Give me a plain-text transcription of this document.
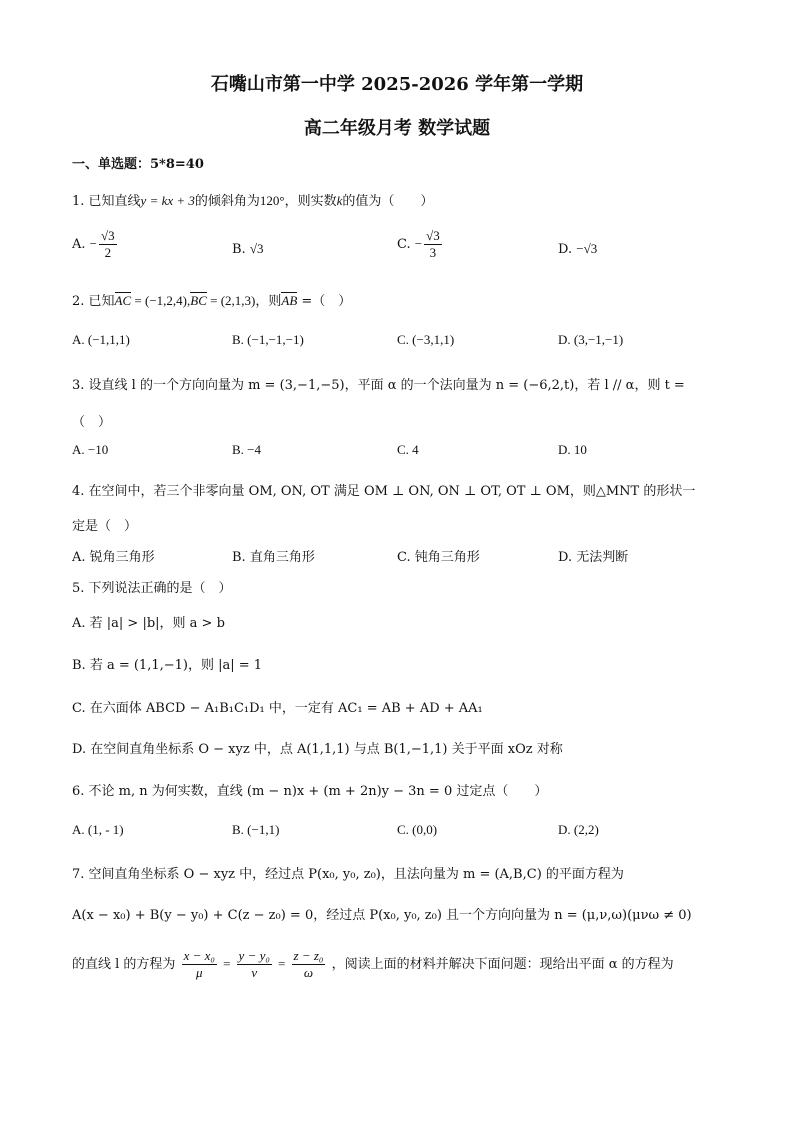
石嘴山市第一中学 2025-2026 学年第一学期
高二年级月考 数学试题
一、单选题：5*8=40
1. 已知直线y = kx + 3的倾斜角为120°，则实数k的值为（　　）
A. − $\frac{√3}{2}$	B. √3	C. − $\frac{√3}{3}$	D. −√3
2. 已知AC = (−1,2,4),BC = (2,1,3)，则AB =（　）
A. (−1,1,1)	B. (−1,−1,−1)	C. (−3,1,1)	D. (3,−1,−1)
3. 设直线 l 的一个方向向量为 m = (3,−1,−5)，平面 α 的一个法向量为 n = (−6,2,t)，若 l // α，则 t =
（　）
A. −10	B. −4	C. 4	D. 10
4. 在空间中，若三个非零向量 OM, ON, OT 满足 OM ⊥ ON, ON ⊥ OT, OT ⊥ OM，则△MNT 的形状一
定是（　）
A. 锐角三角形	B. 直角三角形	C. 钝角三角形	D. 无法判断
5. 下列说法正确的是（　）
A. 若 |a| > |b|，则 a > b
B. 若 a = (1,1,−1)，则 |a| = 1
C. 在六面体 ABCD − A₁B₁C₁D₁ 中，一定有 AC₁ = AB + AD + AA₁
D. 在空间直角坐标系 O − xyz 中，点 A(1,1,1) 与点 B(1,−1,1) 关于平面 xOz 对称
6. 不论 m, n 为何实数，直线 (m − n)x + (m + 2n)y − 3n = 0 过定点（　　）
A. (1, - 1)	B. (−1,1)	C. (0,0)	D. (2,2)
7. 空间直角坐标系 O − xyz 中，经过点 P(x₀, y₀, z₀)，且法向量为 m = (A,B,C) 的平面方程为
A(x − x₀) + B(y − y₀) + C(z − z₀) = 0，经过点 P(x₀, y₀, z₀) 且一个方向向量为 n = (μ,ν,ω)(μνω ≠ 0)
的直线 l 的方程为 $\frac{\text{x − x₀}}{\mu} = \frac{\text{y − y₀}}{\nu} = \frac{\text{z − z₀}}{\omega}$ ，阅读上面的材料并解决下面问题：现给出平面 α 的方程为
